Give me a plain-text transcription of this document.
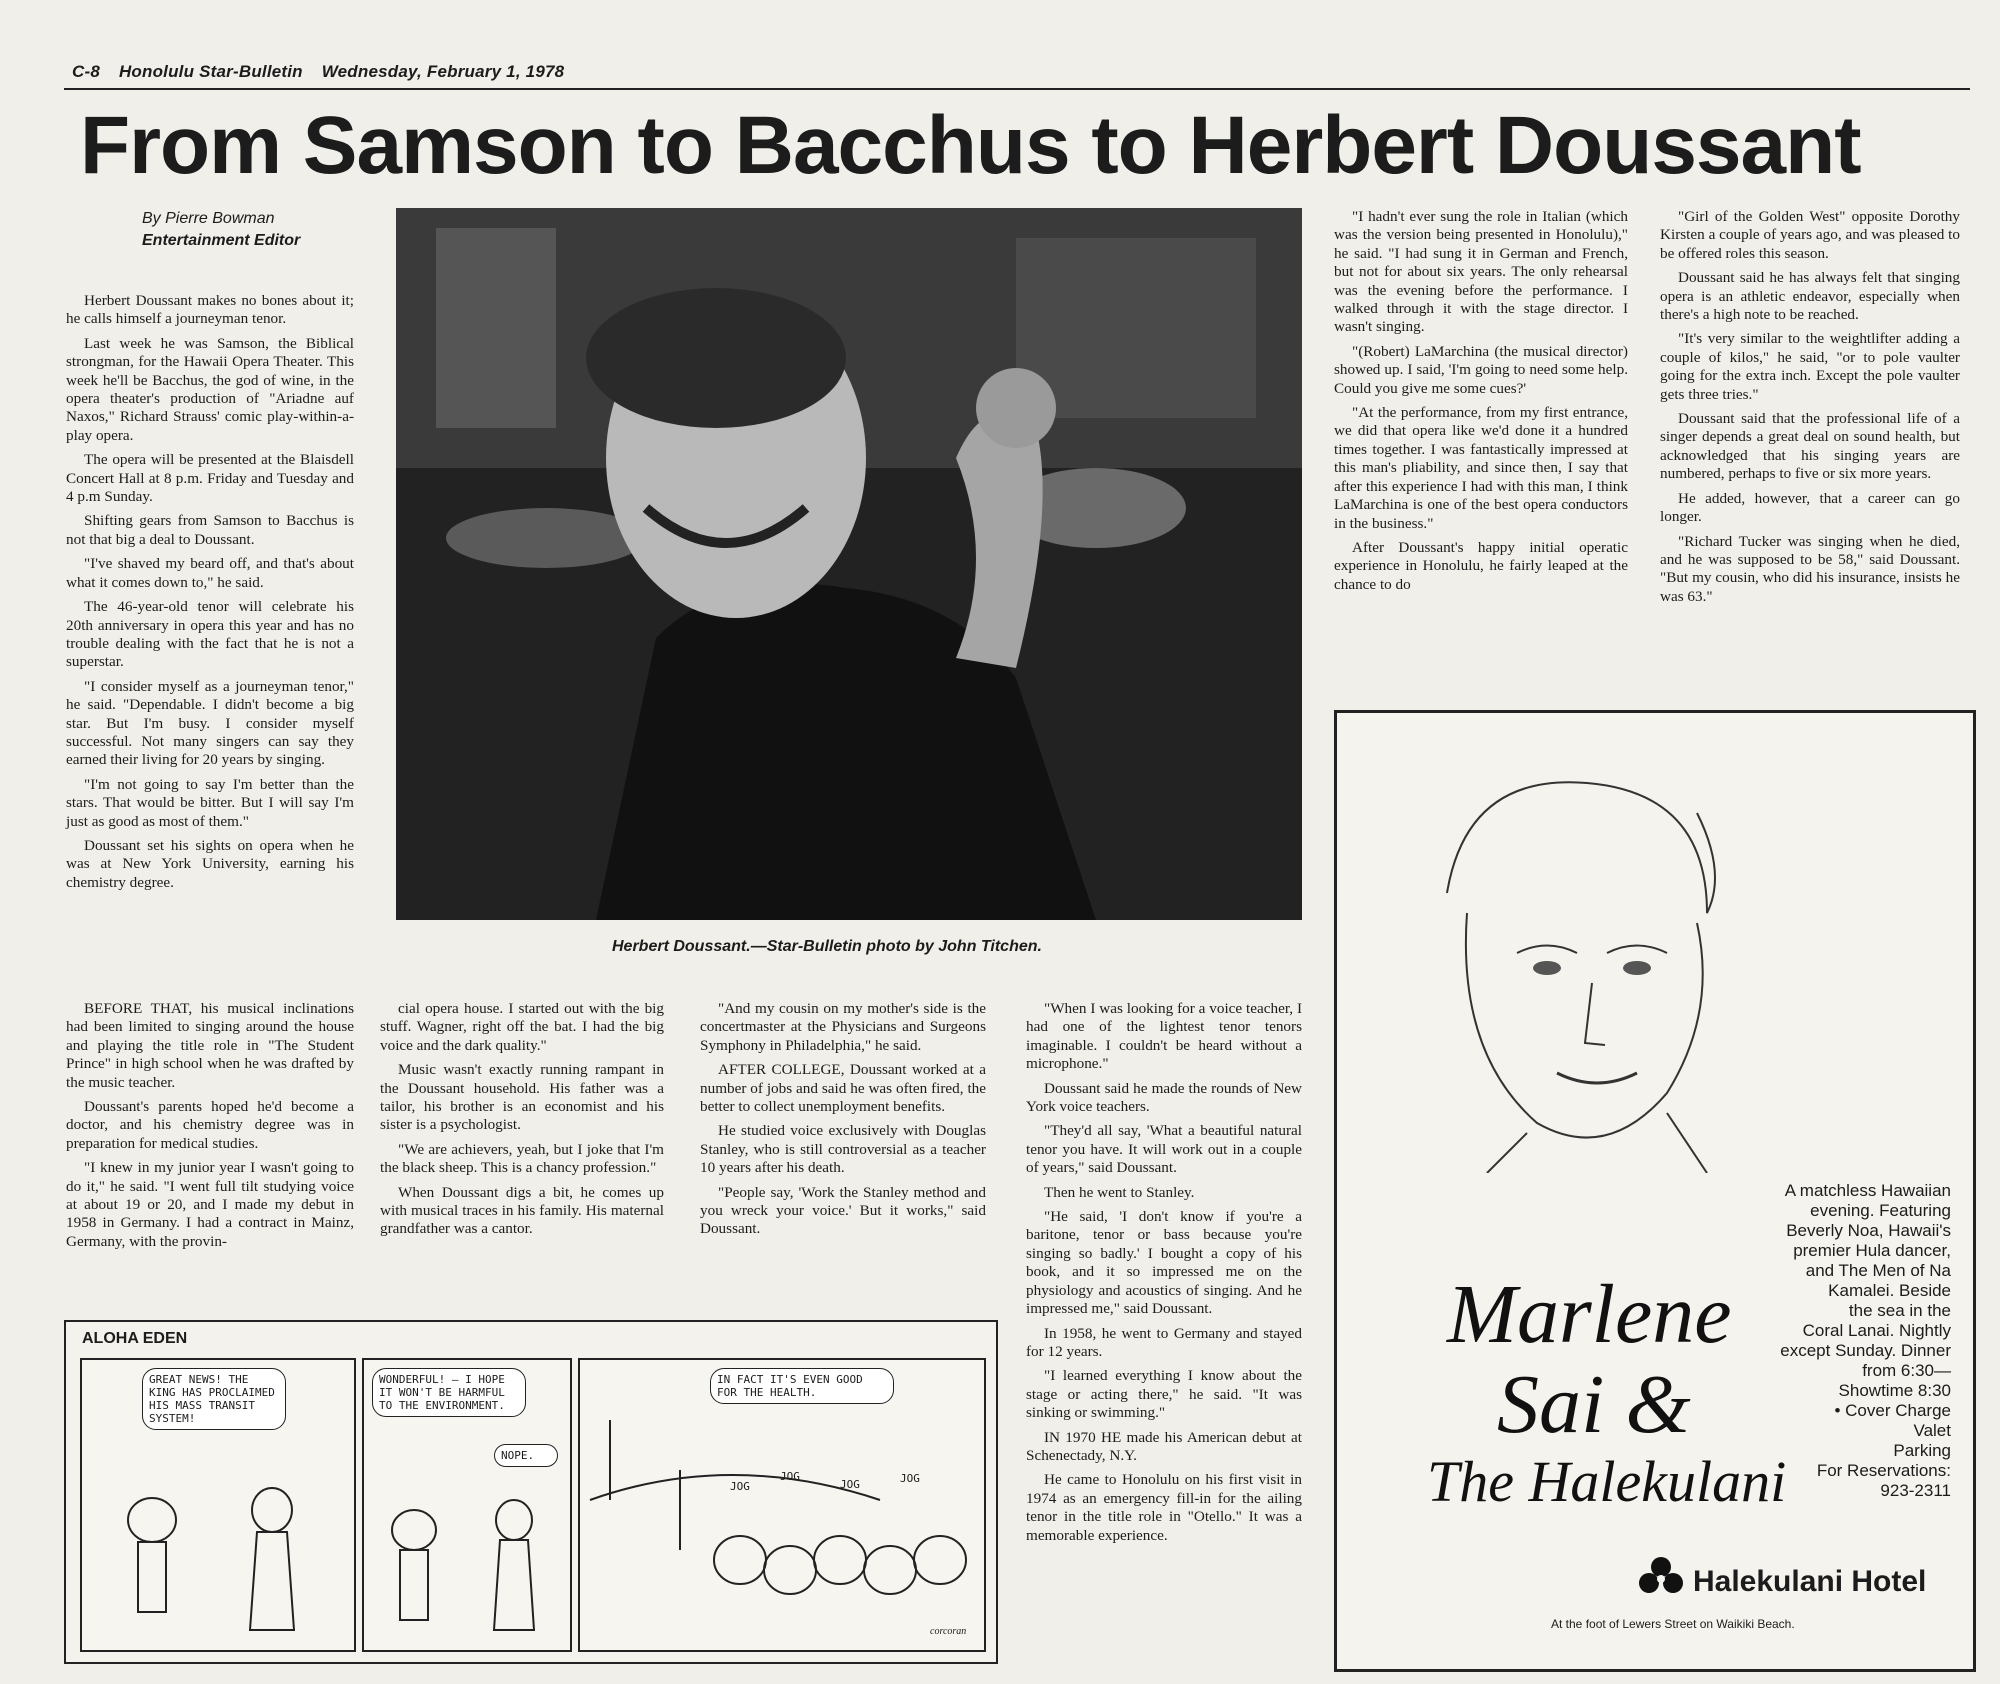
C-8 Honolulu Star-Bulletin Wednesday, February 1, 1978
From Samson to Bacchus to Herbert Doussant
By Pierre Bowman
Entertainment Editor

Herbert Doussant makes no bones about it; he calls himself a journeyman tenor.

Last week he was Samson, the Biblical strongman, for the Hawaii Opera Theater. This week he'll be Bacchus, the god of wine, in the opera theater's production of "Ariadne auf Naxos," Richard Strauss' comic play-within-a-play opera.

The opera will be presented at the Blaisdell Concert Hall at 8 p.m. Friday and Tuesday and 4 p.m Sunday.

Shifting gears from Samson to Bacchus is not that big a deal to Doussant.

"I've shaved my beard off, and that's about what it comes down to," he said.

The 46-year-old tenor will celebrate his 20th anniversary in opera this year and has no trouble dealing with the fact that he is not a superstar.

"I consider myself as a journeyman tenor," he said. "Dependable. I didn't become a big star. But I'm busy. I consider myself successful. Not many singers can say they earned their living for 20 years by singing.

"I'm not going to say I'm better than the stars. That would be bitter. But I will say I'm just as good as most of them."

Doussant set his sights on opera when he was at New York University, earning his chemistry degree.

BEFORE THAT, his musical inclinations had been limited to singing around the house and playing the title role in "The Student Prince" in high school when he was drafted by the music teacher.

Doussant's parents hoped he'd become a doctor, and his chemistry degree was in preparation for medical studies.

"I knew in my junior year I wasn't going to do it," he said. "I went full tilt studying voice at about 19 or 20, and I made my debut in 1958 in Germany. I had a contract in Mainz, Germany, with the provin-

cial opera house. I started out with the big stuff. Wagner, right off the bat. I had the big voice and the dark quality."

Music wasn't exactly running rampant in the Doussant household. His father was a tailor, his brother is an economist and his sister is a psychologist.

"We are achievers, yeah, but I joke that I'm the black sheep. This is a chancy profession."

When Doussant digs a bit, he comes up with musical traces in his family. His maternal grandfather was a cantor.

"And my cousin on my mother's side is the concertmaster at the Physicians and Surgeons Symphony in Philadelphia," he said.

AFTER COLLEGE, Doussant worked at a number of jobs and said he was often fired, the better to collect unemployment benefits.

He studied voice exclusively with Douglas Stanley, who is still controversial as a teacher 10 years after his death.

"People say, 'Work the Stanley method and you wreck your voice.' But it works," said Doussant.

"When I was looking for a voice teacher, I had one of the lightest tenor tenors imaginable. I couldn't be heard without a microphone."

Doussant said he made the rounds of New York voice teachers.

"They'd all say, 'What a beautiful natural tenor you have. It will work out in a couple of years," said Doussant.

Then he went to Stanley.

"He said, 'I don't know if you're a baritone, tenor or bass because you're singing so badly.' I bought a copy of his book, and it so impressed me on the physiology and acoustics of singing. And he impressed me," said Doussant.

In 1958, he went to Germany and stayed for 12 years.

"I learned everything I know about the stage or acting there," he said. "It was sinking or swimming."

IN 1970 HE made his American debut at Schenectady, N.Y.

He came to Honolulu on his first visit in 1974 as an emergency fill-in for the ailing tenor in the title role in "Otello." It was a memorable experience.

"I hadn't ever sung the role in Italian (which was the version being presented in Honolulu)," he said. "I had sung it in German and French, but not for about six years. The only rehearsal was the evening before the performance. I walked through it with the stage director. I wasn't singing.

"(Robert) LaMarchina (the musical director) showed up. I said, 'I'm going to need some help. Could you give me some cues?'

"At the performance, from my first entrance, we did that opera like we'd done it a hundred times together. I was fantastically impressed at this man's pliability, and since then, I say that after this experience I had with this man, I think LaMarchina is one of the best opera conductors in the business."

After Doussant's happy initial operatic experience in Honolulu, he fairly leaped at the chance to do

"Girl of the Golden West" opposite Dorothy Kirsten a couple of years ago, and was pleased to be offered roles this season.

Doussant said he has always felt that singing opera is an athletic endeavor, especially when there's a high note to be reached.

"It's very similar to the weightlifter adding a couple of kilos," he said, "or to pole vaulter going for the extra inch. Except the pole vaulter gets three tries."

Doussant said that the professional life of a singer depends a great deal on sound health, but acknowledged that his singing years are numbered, perhaps to five or six more years.

He added, however, that a career can go longer.

"Richard Tucker was singing when he died, and he was supposed to be 58," said Doussant. "But my cousin, who did his insurance, insists he was 63."

Herbert Doussant.—Star-Bulletin photo by John Titchen.
ALOHA EDEN
GREAT NEWS! THE KING HAS PROCLAIMED HIS MASS TRANSIT SYSTEM!
WONDERFUL! — I HOPE IT WON'T BE HARMFUL TO THE ENVIRONMENT.
NOPE.
IN FACT IT'S EVEN GOOD FOR THE HEALTH.
JOG
JOG
JOG	JOG
corcoran
A matchless Hawaiian
evening. Featuring
Beverly Noa, Hawaii's
premier Hula dancer,
and The Men of Na
Kamalei. Beside
the sea in the
Coral Lanai. Nightly
except Sunday. Dinner
from 6:30—
Showtime 8:30
• Cover Charge
Valet
Parking
For Reservations:
923-2311
Marlene
Sai &
The Halekulani
Halekulani Hotel
At the foot of Lewers Street on Waikiki Beach.
